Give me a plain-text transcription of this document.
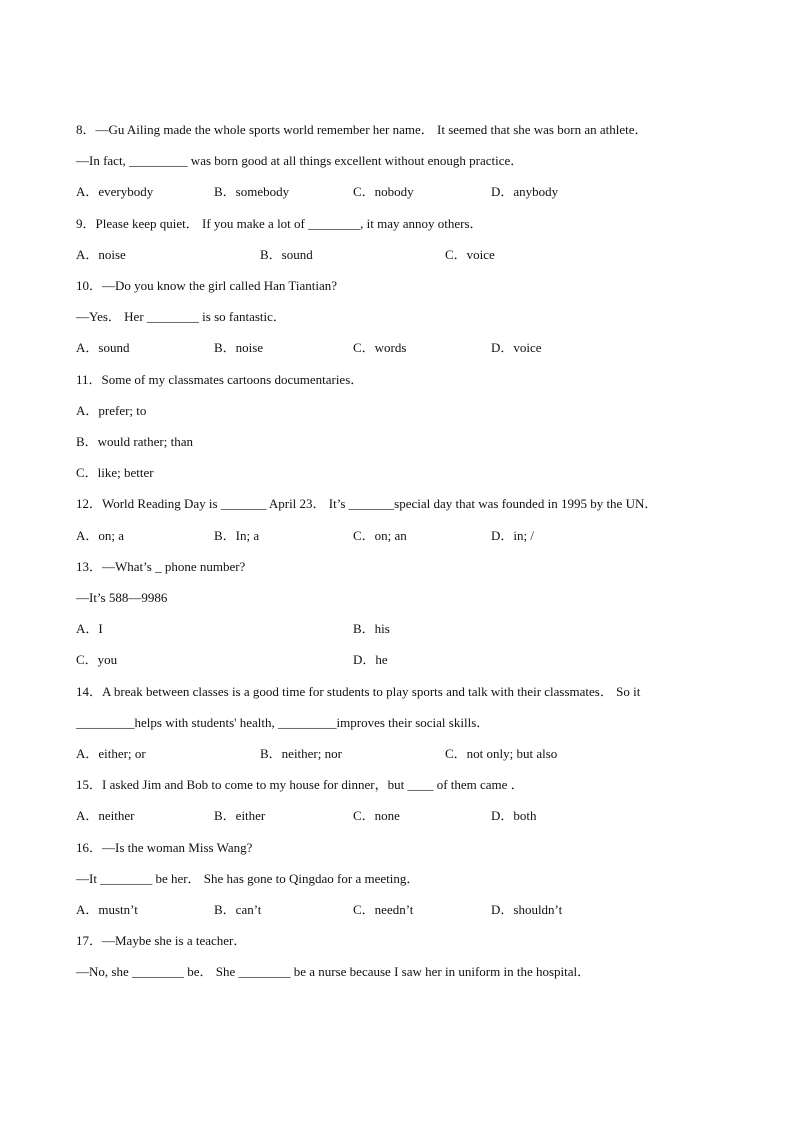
8．—Gu Ailing made the whole sports world remember her name． It seemed that she was born an athlete．
—In fact, _________ was born good at all things excellent without enough practice．
A．everybody	B．somebody	C．nobody	D．anybody
9．Please keep quiet． If you make a lot of ________, it may annoy others．
A．noise	B．sound	C．voice
10．—Do you know the girl called Han Tiantian?
—Yes． Her ________ is so fantastic．
A．sound	B．noise	C．words	D．voice
11．Some of my classmates cartoons documentaries．
A．prefer; to
B．would rather; than
C．like; better
12．World Reading Day is _______ April 23． It’s _______special day that was founded in 1995 by the UN．
A．on; a	B．In; a	C．on; an	D．in; /
13．—What’s _ phone number?
—It’s 588—9986
A．I	B．his
C．you	D．he
14．A break between classes is a good time for students to play sports and talk with their classmates． So it
_________helps with students' health, _________improves their social skills．
A．either; or	B．neither; nor	C．not only; but also
15．I asked Jim and Bob to come to my house for dinner，but ____ of them came ．
A．neither	B．either	C．none	D．both
16．—Is the woman Miss Wang?
—It ________ be her． She has gone to Qingdao for a meeting．
A．mustn’t	B．can’t	C．needn’t	D．shouldn’t
17．—Maybe she is a teacher．
—No, she ________ be． She ________ be a nurse because I saw her in uniform in the hospital．
